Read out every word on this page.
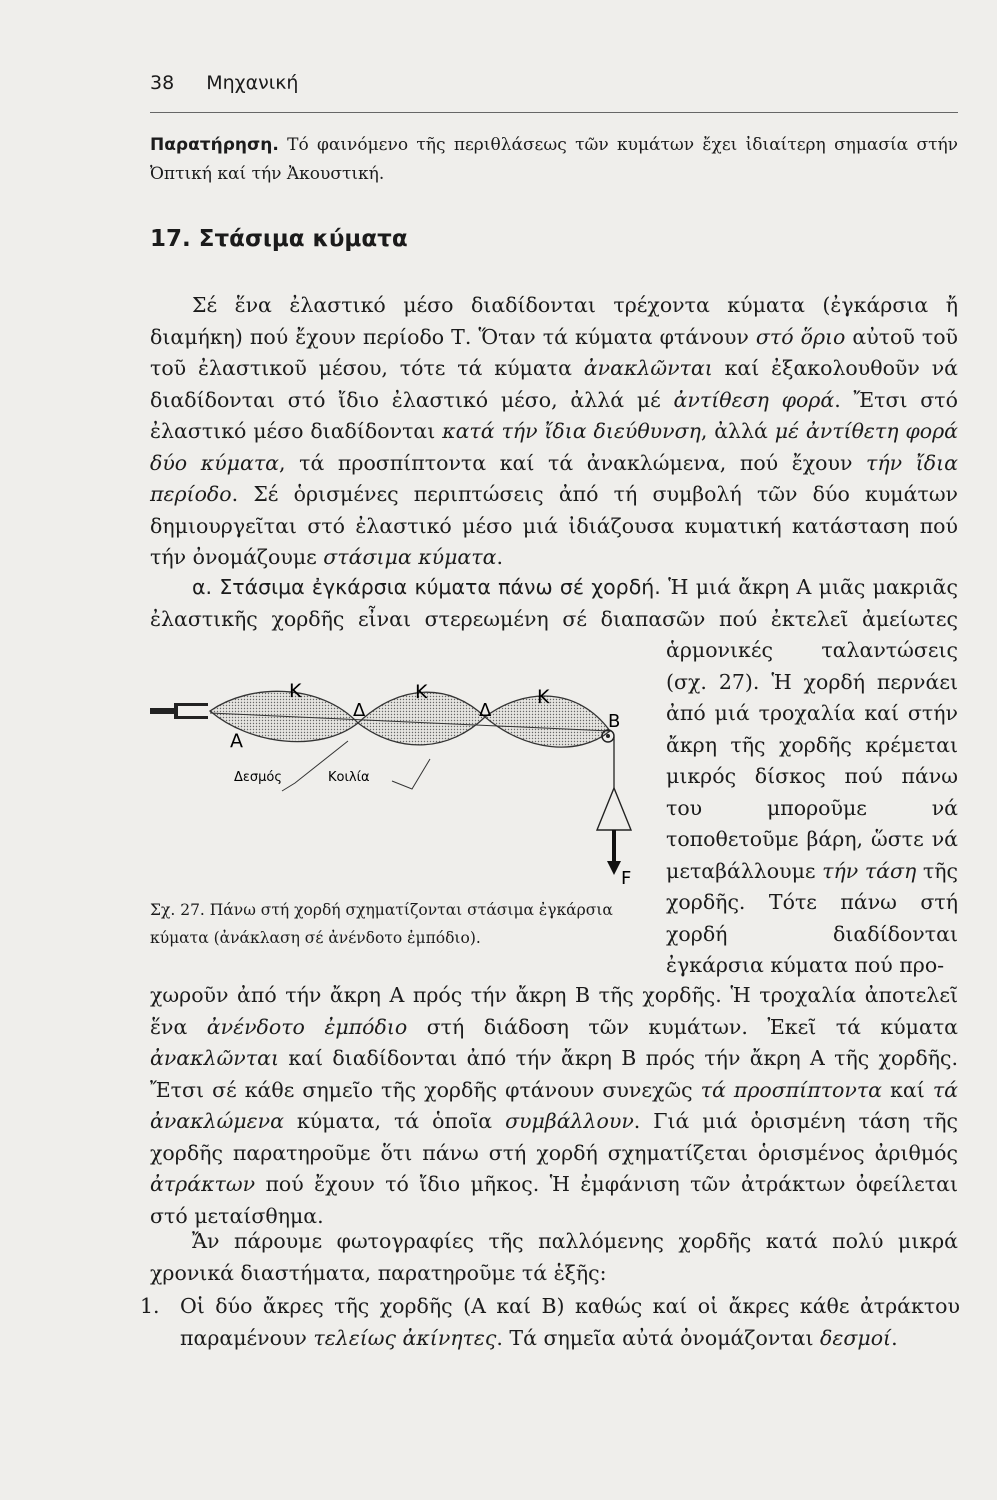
38 Μηχανική

Παρατήρηση. Τό φαινόμενο τῆς περιθλάσεως τῶν κυμάτων ἔχει ἰδιαίτερη σημασία στήν Ὀπτική καί τήν Ἀκουστική.

17. Στάσιμα κύματα

Σέ ἕνα ἐλαστικό μέσο διαδίδονται τρέχοντα κύματα (ἐγκάρσια ἤ διαμήκη) πού ἔχουν περίοδο Τ. Ὅταν τά κύματα φτάνουν στό ὅριο αὐτοῦ τοῦ τοῦ ἐλαστικοῦ μέσου, τότε τά κύματα ἀνακλῶνται καί ἐξακολουθοῦν νά διαδίδονται στό ἴδιο ἐλαστικό μέσο, ἀλλά μέ ἀντίθεση φορά. Ἔτσι στό ἐλαστικό μέσο διαδίδονται κατά τήν ἴδια διεύθυνση, ἀλλά μέ ἀντίθετη φορά δύο κύματα, τά προσπίπτοντα καί τά ἀνακλώμενα, πού ἔχουν τήν ἴδια περίοδο. Σέ ὁρισμένες περιπτώσεις ἀπό τή συμβολή τῶν δύο κυμάτων δημιουργεῖται στό ἐλαστικό μέσο μιά ἰδιάζουσα κυματική κατάσταση πού τήν ὀνομάζουμε στάσιμα κύματα.

α. Στάσιμα ἐγκάρσια κύματα πάνω σέ χορδή. Ἡ μιά ἄκρη Α μιᾶς μακριᾶς ἐλαστικῆς χορδῆς εἶναι στερεωμένη σέ διαπασῶν πού ἐκτελεῖ ἀμείωτες ἁρμονικές ταλαντώσεις (σχ. 27). Ἡ χορδή περνάει ἀπό μιά τροχαλία καί στήν ἄκρη τῆς χορδῆς κρέμεται μικρός δίσκος πού πάνω του μποροῦμε νά τοποθετοῦμε βάρη, ὥστε νά μεταβάλλουμε τήν τάση τῆς χορδῆς. Τότε πάνω στή χορδή διαδίδονται ἐγκάρσια κύματα πού προ-
Κ	Κ	Κ
Δ	Δ
Α
Β
F
Δεσμός	Κοιλία
Σχ. 27. Πάνω στή χορδή σχηματίζονται στάσιμα ἐγκάρσια κύματα (ἀνάκλαση σέ ἀνένδοτο ἐμπόδιο).

χωροῦν ἀπό τήν ἄκρη Α πρός τήν ἄκρη Β τῆς χορδῆς. Ἡ τροχαλία ἀποτελεῖ ἕνα ἀνένδοτο ἐμπόδιο στή διάδοση τῶν κυμάτων. Ἐκεῖ τά κύματα ἀνακλῶνται καί διαδίδονται ἀπό τήν ἄκρη Β πρός τήν ἄκρη Α τῆς χορδῆς. Ἔτσι σέ κάθε σημεῖο τῆς χορδῆς φτάνουν συνεχῶς τά προσπίπτοντα καί τά ἀνακλώμενα κύματα, τά ὁποῖα συμβάλλουν. Γιά μιά ὁρισμένη τάση τῆς χορδῆς παρατηροῦμε ὅτι πάνω στή χορδή σχηματίζεται ὁρισμένος ἀριθμός ἀτράκτων πού ἔχουν τό ἴδιο μῆκος. Ἡ ἐμφάνιση τῶν ἀτράκτων ὀφείλεται στό μεταίσθημα.

Ἄν πάρουμε φωτογραφίες τῆς παλλόμενης χορδῆς κατά πολύ μικρά χρονικά διαστήματα, παρατηροῦμε τά ἑξῆς:

1. Οἱ δύο ἄκρες τῆς χορδῆς (Α καί Β) καθώς καί οἱ ἄκρες κάθε ἀτράκτου παραμένουν τελείως ἀκίνητες. Τά σημεῖα αὐτά ὀνομάζονται δεσμοί.
